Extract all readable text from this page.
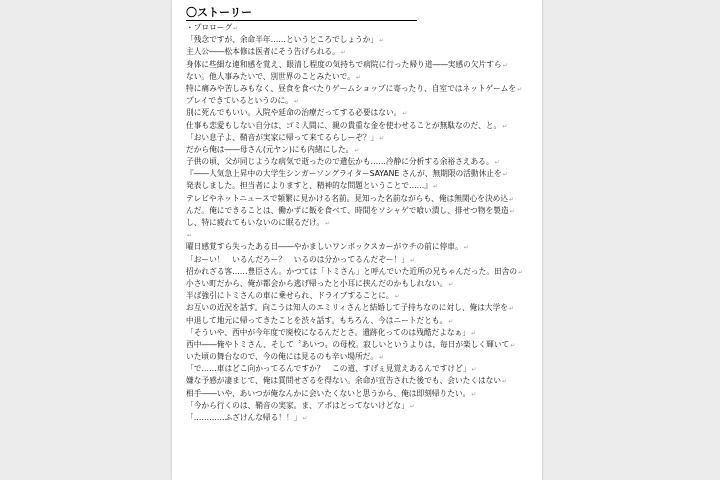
〇ストーリー
・プロローグ↵
「残念ですが、余命半年……というところでしょうか」↵
主人公――松本修は医者にそう告げられる。↵
身体に些細な違和感を覚え、眼清し程度の気持ちで病院に行った帰り道――実感の欠片すら↵
ない。他人事みたいで、別世界のことみたいで。↵
特に痛みや苦しみもなく、昼食を食べたりゲームショップに寄ったり、自室ではネットゲームを↵
プレイできているというのに。↵
別に死んでもいい。入院や延命の治療だってする必要はない。↵
仕事も恋愛もしない自分は、ゴミ人間に、親の貴重な金を使わせることが無駄なのだ、と。↵
「おい息子よ、鞘音が実家に帰って来てるらしーぞ？」↵
だから俺は――母さん(元ヤン)にも内緒にした。↵
子供の頃、父が同じような病気で逝ったので遺伝かも……冷静に分析する余裕さえある。↵
『――人気急上昇中の大学生シンガーソングライターSAYANE さんが、無期限の活動休止を↵
発表しました。担当者によりますと、精神的な問題ということで……』↵
テレビやネットニュースで頻繁に見かける名前。見知った名前ながらも、俺は無関心を決め込↵
んだ。俺にできることは、働かずに飯を食べて、時間をソシャゲで喰い潰し、排せつ物を製造↵
し、特に疲れてもいないのに眠るだけ。↵
↵
曜日感覚すら失ったある日――やかましいワンボックスカーがウチの前に停車。↵
「おーい！　いるんだろー？　いるのは分かってるんだぞー！」↵
招かれざる客……豊臣さん。かつては「トミさん」と呼んでいた近所の兄ちゃんだった。田舎の↵
小さい町だから、俺が都会から逃げ帰ったと小耳に挟んだのかもしれない。↵
半ば強引にトミさんの車に乗せられ、ドライブすることに。↵
お互いの近況を話す。向こうは知人のエミリィさんと結婚して子持ちなのに対し、俺は大学を↵
中退して地元に帰ってきたことを渋々話す。もちろん、今はニートだとも。↵
「そういや、西中が今年度で廃校になるんだとさ。遺跡化ってのは残酷だよなぁ」↵
西中――俺やトミさん、そして〝あいつ〟の母校。寂しいというよりは、毎日が楽しく輝いて↵
いた頃の舞台なので、今の俺には見るのも辛い場所だ。↵
「で……車はどこ向かってるんですか？　この道、すげぇ見覚えあるんですけど」↵
嫌な予感が凄まじて、俺は質問せざるを得ない。余命が宣告された後でも、会いたくはない↵
相手――いや、あいつが俺なんかに会いたくないと思うから、俺は即刻帰りたい。↵
「今から行くのは、鞘音の実家。ま、アポはとってないけどな」↵
「…………ふざけんな帰る！！」↵
